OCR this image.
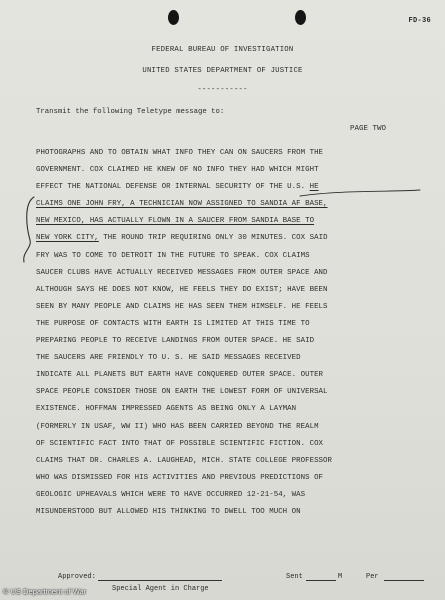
FD-36
FEDERAL BUREAU OF INVESTIGATION
UNITED STATES DEPARTMENT OF JUSTICE
-----------
Transmit the following Teletype message to:
PAGE TWO
PHOTOGRAPHS AND TO OBTAIN WHAT INFO THEY CAN ON SAUCERS FROM THE
GOVERNMENT. COX CLAIMED HE KNEW OF NO INFO THEY HAD WHICH MIGHT
EFFECT THE NATIONAL DEFENSE OR INTERNAL SECURITY OF THE U.S. HE
CLAIMS ONE JOHN FRY, A TECHNICIAN NOW ASSIGNED TO SANDIA AF BASE,
NEW MEXICO, HAS ACTUALLY FLOWN IN A SAUCER FROM SANDIA BASE TO
NEW YORK CITY, THE ROUND TRIP REQUIRING ONLY 30 MINUTES. COX SAID
FRY WAS TO COME TO DETROIT IN THE FUTURE TO SPEAK. COX CLAIMS
SAUCER CLUBS HAVE ACTUALLY RECEIVED MESSAGES FROM OUTER SPACE AND
ALTHOUGH SAYS HE DOES NOT KNOW, HE FEELS THEY DO EXIST; HAVE BEEN
SEEN BY MANY PEOPLE AND CLAIMS HE HAS SEEN THEM HIMSELF. HE FEELS
THE PURPOSE OF CONTACTS WITH EARTH IS LIMITED AT THIS TIME TO
PREPARING PEOPLE TO RECEIVE LANDINGS FROM OUTER SPACE. HE SAID
THE SAUCERS ARE FRIENDLY TO U. S. HE SAID MESSAGES RECEIVED
INDICATE ALL PLANETS BUT EARTH HAVE CONQUERED OUTER SPACE. OUTER
SPACE PEOPLE CONSIDER THOSE ON EARTH THE LOWEST FORM OF UNIVERSAL
EXISTENCE. HOFFMAN IMPRESSED AGENTS AS BEING ONLY A LAYMAN
(FORMERLY IN USAF, WW II) WHO HAS BEEN CARRIED BEYOND THE REALM
OF SCIENTIFIC FACT INTO THAT OF POSSIBLE SCIENTIFIC FICTION. COX
CLAIMS THAT DR. CHARLES A. LAUGHEAD, MICH. STATE COLLEGE PROFESSOR
WHO WAS DISMISSED FOR HIS ACTIVITIES AND PREVIOUS PREDICTIONS OF
GEOLOGIC UPHEAVALS WHICH WERE TO HAVE OCCURRED 12-21-54, WAS
MISUNDERSTOOD BUT ALLOWED HIS THINKING TO DWELL TOO MUCH ON
Approved:
Special Agent in Charge
Sent	M	Per
© US Department of War
